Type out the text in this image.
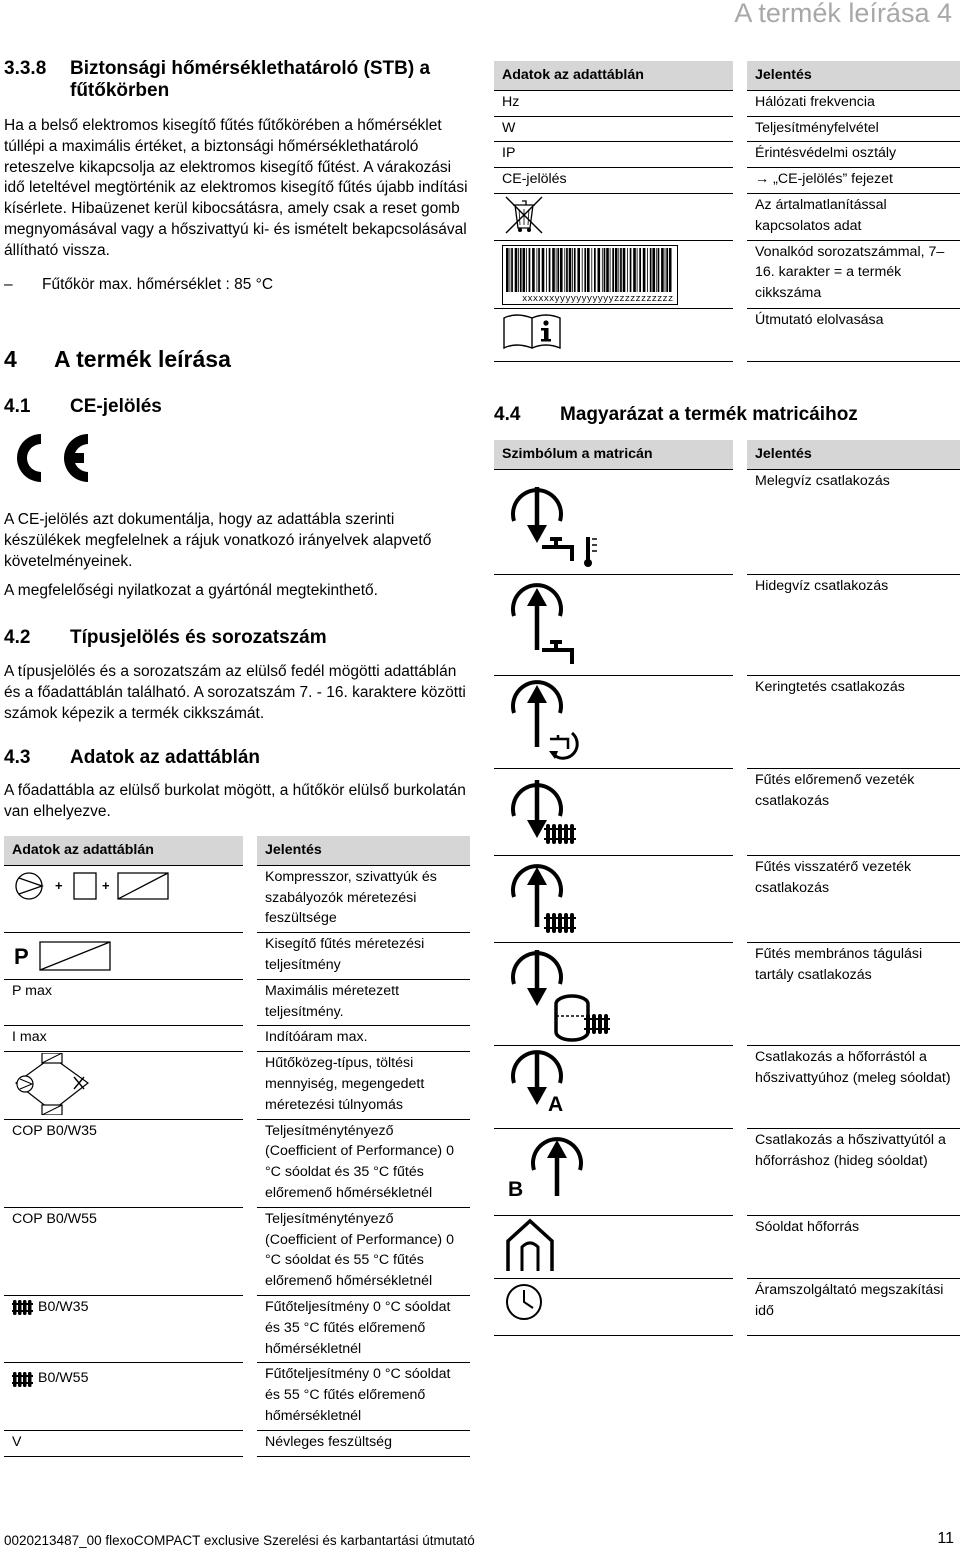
A termék leírása 4
3.3.8	Biztonsági hőmérséklethatároló (STB) a fűtőkörben

Ha a belső elektromos kisegítő fűtés fűtőkörében a hőmérséklet túllépi a maximális értéket, a biztonsági hőmérséklethatároló reteszelve kikapcsolja az elektromos kisegítő fűtést. A várakozási idő leteltével megtörténik az elektromos kisegítő fűtés újabb indítási kísérlete. Hibaüzenet kerül kibocsátásra, amely csak a reset gomb megnyomásával vagy a hőszivattyú ki- és ismételt bekapcsolásával állítható vissza.

–	Fűtőkör max. hőmérséklet : 85 °C
4	A termék leírása
4.1	CE-jelölés

A CE-jelölés azt dokumentálja, hogy az adattábla szerinti készülékek megfelelnek a rájuk vonatkozó irányelvek alapvető követelményeinek.

A megfelelőségi nyilatkozat a gyártónál megtekinthető.

4.2	Típusjelölés és sorozatszám

A típusjelölés és a sorozatszám az elülső fedél mögötti adattáblán és a főadattáblán található. A sorozatszám 7. - 16. karaktere közötti számok képezik a termék cikkszámát.

4.3	Adatok az adattáblán

A főadattábla az elülső burkolat mögött, a hűtőkör elülső burkolatán van elhelyezve.

Adatok az adattáblán	Jelentés

+ +	Kompresszor, szivattyúk és szabályozók méretezési feszültsége

P	Kisegítő fűtés méretezési teljesítmény
P max	Maximális méretezett teljesítmény.
I max	Indítóáram max.

	Hűtőközeg-típus, töltési mennyiség, megengedett méretezési túlnyomás
COP B0/W35	Teljesítménytényező (Coefficient of Performance) 0 °C sóoldat és 35 °C fűtés előremenő hőmérsékletnél
COP B0/W55	Teljesítménytényező (Coefficient of Performance) 0 °C sóoldat és 55 °C fűtés előremenő hőmérsékletnél

B0/W35	Fűtőteljesítmény 0 °C sóoldat és 35 °C fűtés előremenő hőmérsékletnél

B0/W55	Fűtőteljesítmény 0 °C sóoldat és 55 °C fűtés előremenő hőmérsékletnél
V	Névleges feszültség
Adatok az adattáblán	Jelentés
Hz	Hálózati frekvencia
W	Teljesítményfelvétel
IP	Érintésvédelmi osztály
CE-jelölés	→ „CE-jelölés” fejezet

	Az ártalmatlanítással kapcsolatos adat

xxxxxxyyyyyyyyyyyzzzzzzzzzzz	Vonalkód sorozatszámmal, 7–16. karakter = a termék cikkszáma

	Útmutató elolvasása
4.4	Magyarázat a termék matricáihoz
Szimbólum a matricán	Jelentés

	Melegvíz csatlakozás

	Hidegvíz csatlakozás

	Keringtetés csatlakozás

	Fűtés előremenő vezeték csatlakozás

	Fűtés visszatérő vezeték csatlakozás

	Fűtés membrános tágulási tartály csatlakozás

A	Csatlakozás a hőforrástól a hőszivattyúhoz (meleg sóoldat)

B	Csatlakozás a hőszivattyútól a hőforráshoz (hideg sóoldat)

	Sóoldat hőforrás

	Áramszolgáltató megszakítási idő
0020213487_00 flexoCOMPACT exclusive Szerelési és karbantartási útmutató	11
